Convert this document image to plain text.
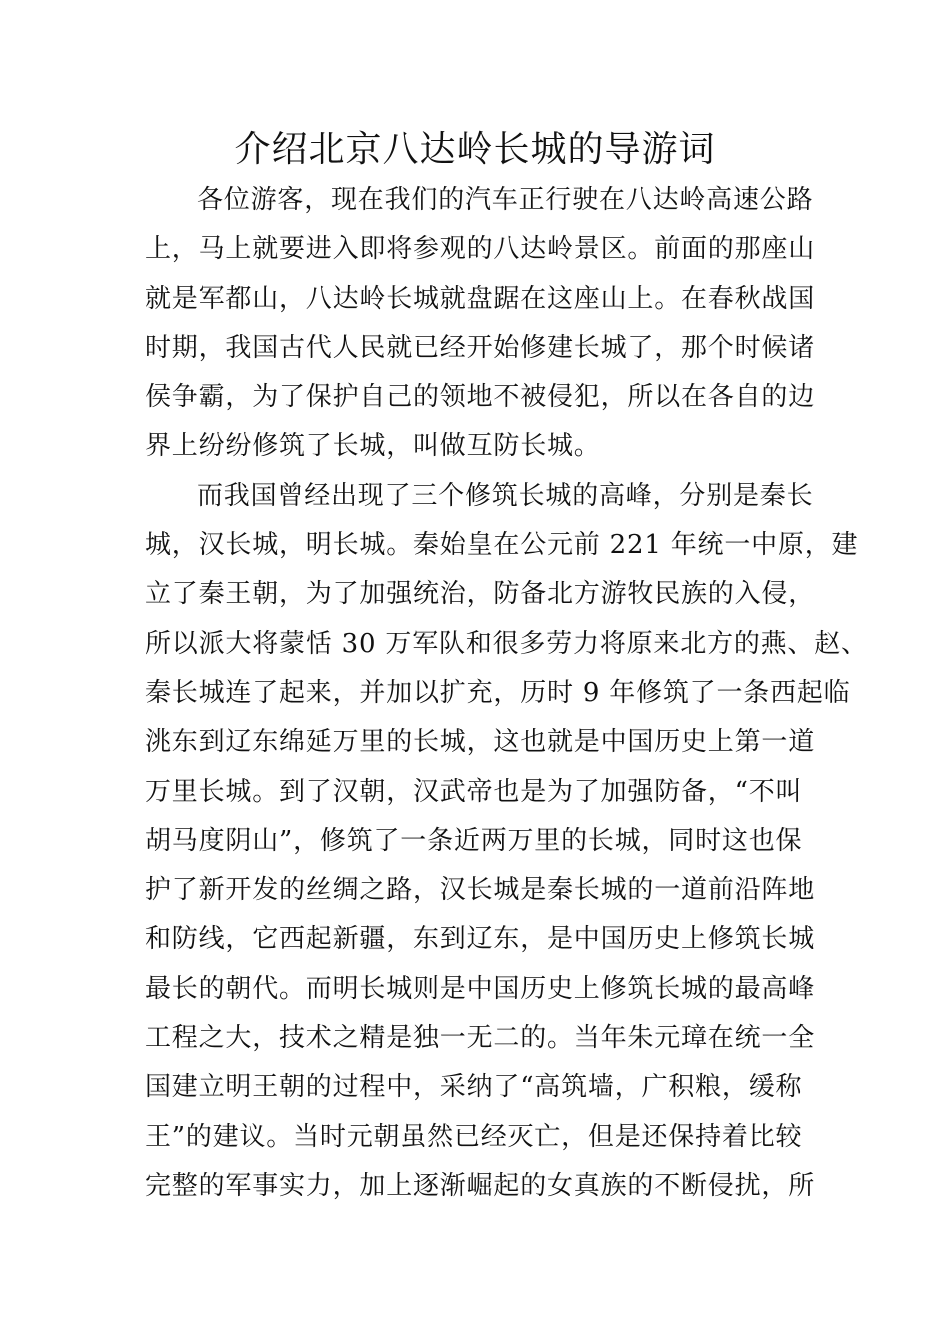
介绍北京八达岭长城的导游词
各位游客，现在我们的汽车正行驶在八达岭高速公路
上，马上就要进入即将参观的八达岭景区。前面的那座山
就是军都山，八达岭长城就盘踞在这座山上。在春秋战国
时期，我国古代人民就已经开始修建长城了，那个时候诸
侯争霸，为了保护自己的领地不被侵犯，所以在各自的边
界上纷纷修筑了长城，叫做互防长城。
而我国曾经出现了三个修筑长城的高峰，分别是秦长
城，汉长城，明长城。秦始皇在公元前 221 年统一中原，建
立了秦王朝，为了加强统治，防备北方游牧民族的入侵，
所以派大将蒙恬 30 万军队和很多劳力将原来北方的燕、赵、
秦长城连了起来，并加以扩充，历时 9 年修筑了一条西起临
洮东到辽东绵延万里的长城，这也就是中国历史上第一道
万里长城。到了汉朝，汉武帝也是为了加强防备，“不叫
胡马度阴山”，修筑了一条近两万里的长城，同时这也保
护了新开发的丝绸之路，汉长城是秦长城的一道前沿阵地
和防线，它西起新疆，东到辽东，是中国历史上修筑长城
最长的朝代。而明长城则是中国历史上修筑长城的最高峰
工程之大，技术之精是独一无二的。当年朱元璋在统一全
国建立明王朝的过程中，采纳了“高筑墙，广积粮，缓称
王”的建议。当时元朝虽然已经灭亡，但是还保持着比较
完整的军事实力，加上逐渐崛起的女真族的不断侵扰，所
